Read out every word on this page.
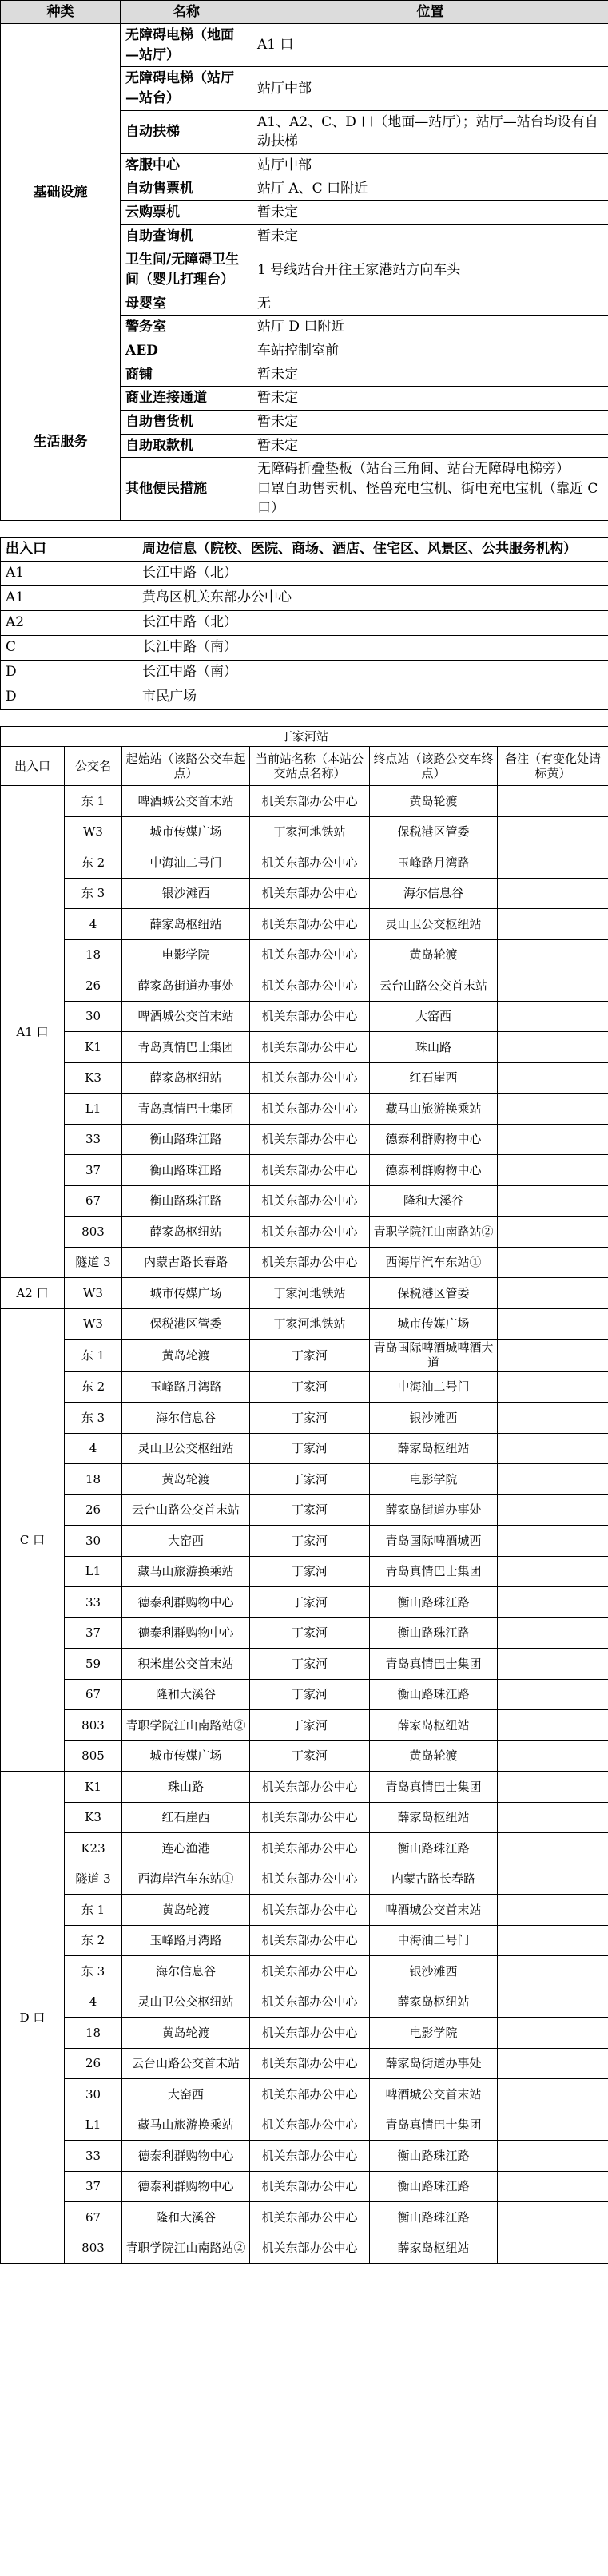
种类	名称	位置
基础设施	无障碍电梯（地面—站厅）	A1 口

	无障碍电梯（站厅—站台）	站厅中部

	自动扶梯	A1、A2、C、D 口（地面—站厅）；站厅—站台均设有自动扶梯

	客服中心	站厅中部

	自动售票机	站厅 A、C 口附近

	云购票机	暂未定

	自助查询机	暂未定

	卫生间/无障碍卫生间（婴儿打理台）	1 号线站台开往王家港站方向车头

	母婴室	无

	警务室	站厅 D 口附近

	AED	车站控制室前

生活服务	商铺	暂未定

	商业连接通道	暂未定

	自助售货机	暂未定

	自助取款机	暂未定

	其他便民措施	无障碍折叠垫板（站台三角间、站台无障碍电梯旁）
口罩自助售卖机、怪兽充电宝机、街电充电宝机（靠近 C 口）
出入口	周边信息（院校、医院、商场、酒店、住宅区、风景区、公共服务机构）
A1	长江中路（北）
A1	黄岛区机关东部办公中心
A2	长江中路（北）
C	长江中路（南）
D	长江中路（南）
D	市民广场
丁家河站					
出入口	公交名	起始站（该路公交车起点）	当前站名称（本站公交站点名称）	终点站（该路公交车终点）	备注（有变化处请标黄）
A1 口	东 1	啤酒城公交首末站	机关东部办公中心	黄岛轮渡	
	W3	城市传媒广场	丁家河地铁站	保税港区管委	
	东 2	中海油二号门	机关东部办公中心	玉峰路月湾路	
	东 3	银沙滩西	机关东部办公中心	海尔信息谷	
	4	薛家岛枢纽站	机关东部办公中心	灵山卫公交枢纽站	
	18	电影学院	机关东部办公中心	黄岛轮渡	
	26	薛家岛街道办事处	机关东部办公中心	云台山路公交首末站	
	30	啤酒城公交首末站	机关东部办公中心	大窑西	
	K1	青岛真情巴士集团	机关东部办公中心	珠山路	
	K3	薛家岛枢纽站	机关东部办公中心	红石崖西	
	L1	青岛真情巴士集团	机关东部办公中心	藏马山旅游换乘站	
	33	衡山路珠江路	机关东部办公中心	德泰利群购物中心	
	37	衡山路珠江路	机关东部办公中心	德泰利群购物中心	
	67	衡山路珠江路	机关东部办公中心	隆和大溪谷	
	803	薛家岛枢纽站	机关东部办公中心	青职学院江山南路站②	
	隧道 3	内蒙古路长春路	机关东部办公中心	西海岸汽车东站①	
A2 口	W3	城市传媒广场	丁家河地铁站	保税港区管委	
C 口	W3	保税港区管委	丁家河地铁站	城市传媒广场	
	东 1	黄岛轮渡	丁家河	青岛国际啤酒城啤酒大道	
	东 2	玉峰路月湾路	丁家河	中海油二号门	
	东 3	海尔信息谷	丁家河	银沙滩西	
	4	灵山卫公交枢纽站	丁家河	薛家岛枢纽站	
	18	黄岛轮渡	丁家河	电影学院	
	26	云台山路公交首末站	丁家河	薛家岛街道办事处	
	30	大窑西	丁家河	青岛国际啤酒城西	
	L1	藏马山旅游换乘站	丁家河	青岛真情巴士集团	
	33	德泰利群购物中心	丁家河	衡山路珠江路	
	37	德泰利群购物中心	丁家河	衡山路珠江路	
	59	积米崖公交首末站	丁家河	青岛真情巴士集团	
	67	隆和大溪谷	丁家河	衡山路珠江路	
	803	青职学院江山南路站②	丁家河	薛家岛枢纽站	
	805	城市传媒广场	丁家河	黄岛轮渡	
D 口	K1	珠山路	机关东部办公中心	青岛真情巴士集团	
	K3	红石崖西	机关东部办公中心	薛家岛枢纽站	
	K23	连心渔港	机关东部办公中心	衡山路珠江路	
	隧道 3	西海岸汽车东站①	机关东部办公中心	内蒙古路长春路	
	东 1	黄岛轮渡	机关东部办公中心	啤酒城公交首末站	
	东 2	玉峰路月湾路	机关东部办公中心	中海油二号门	
	东 3	海尔信息谷	机关东部办公中心	银沙滩西	
	4	灵山卫公交枢纽站	机关东部办公中心	薛家岛枢纽站	
	18	黄岛轮渡	机关东部办公中心	电影学院	
	26	云台山路公交首末站	机关东部办公中心	薛家岛街道办事处	
	30	大窑西	机关东部办公中心	啤酒城公交首末站	
	L1	藏马山旅游换乘站	机关东部办公中心	青岛真情巴士集团	
	33	德泰利群购物中心	机关东部办公中心	衡山路珠江路	
	37	德泰利群购物中心	机关东部办公中心	衡山路珠江路	
	67	隆和大溪谷	机关东部办公中心	衡山路珠江路	
	803	青职学院江山南路站②	机关东部办公中心	薛家岛枢纽站	
